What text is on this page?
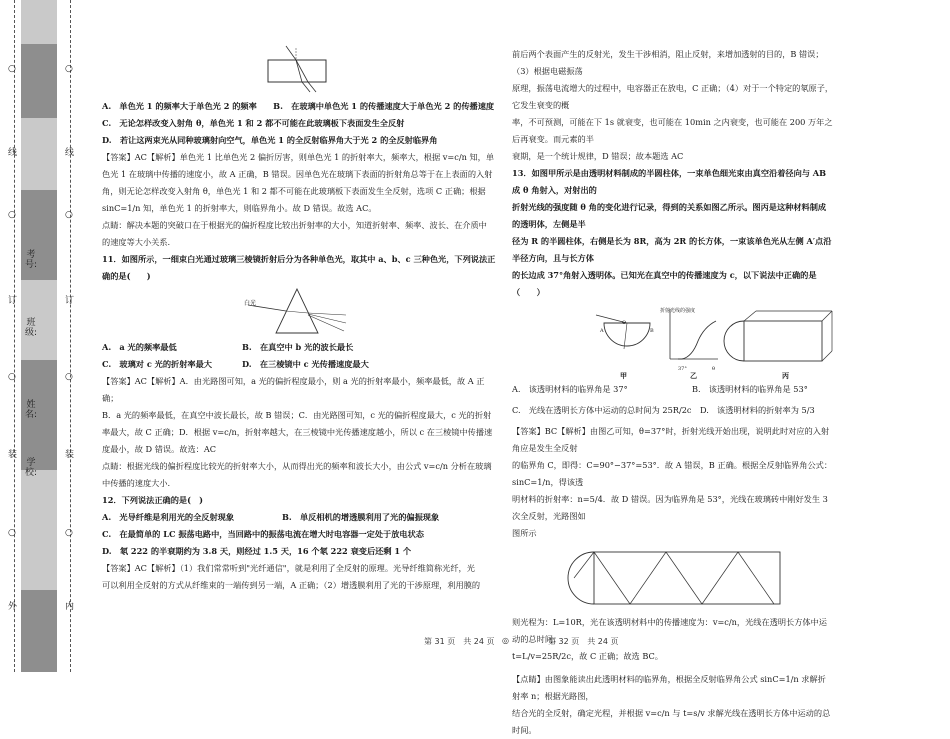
○
线
○
订
○
装
○
外
考号:
班级:
姓名:
学校:
○
线
○
订
○
装
○
内

A.　单色光 1 的频率大于单色光 2 的频率　　B.　在玻璃中单色光 1 的传播速度大于单色光 2 的传播速度

C.　无论怎样改变入射角 θ，单色光 1 和 2 都不可能在此玻璃板下表面发生全反射

D.　若让这两束光从同种玻璃射向空气，单色光 1 的全反射临界角大于光 2 的全反射临界角

【答案】AC【解析】单色光 1 比单色光 2 偏折厉害，则单色光 1 的折射率大，频率大，根据 v=c/n 知，单

色光 1 在玻璃中传播的速度小，故 A 正确，B 错误。因单色光在玻璃下表面的折射角总等于在上表面的入射

角，则无论怎样改变入射角 θ，单色光 1 和 2 都不可能在此玻璃板下表面发生全反射，选项 C 正确；根据

sinC=1/n 知，单色光 1 的折射率大，则临界角小。故 D 错误。故选 AC。

点睛：解决本题的突破口在于根据光的偏折程度比较出折射率的大小，知道折射率、频率、波长、在介质中

的速度等大小关系.

11．如图所示，一细束白光通过玻璃三棱镜折射后分为各种单色光，取其中 a、b、c 三种色光，下列说法正

确的是(　　)

白光
A.　a 光的频率最低	B.　在真空中 b 光的波长最长
C.　玻璃对 c 光的折射率最大	D.　在三棱镜中 c 光传播速度最大

【答案】AC【解析】A．由光路图可知，a 光的偏折程度最小，则 a 光的折射率最小，频率最低，故 A 正确；

B．a 光的频率最低，在真空中波长最长，故 B 错误；C．由光路图可知，c 光的偏折程度最大，c 光的折射

率最大，故 C 正确；D．根据 v=c/n，折射率越大，在三棱镜中光传播速度越小，所以 c 在三棱镜中传播速

度最小，故 D 错误。故选：AC

点睛：根据光线的偏折程度比较光的折射率大小，从而得出光的频率和波长大小，由公式 v=c/n 分析在玻璃

中传播的速度大小.

12．下列说法正确的是(　)

A.　光导纤维是利用光的全反射现象	B.　单反相机的增透膜利用了光的偏振现象

C.　在最简单的 LC 振荡电路中，当回路中的振荡电流在增大时电容器一定处于放电状态

D.　氡 222 的半衰期约为 3.8 天，则经过 1.5 天，16 个氡 222 衰变后还剩 1 个

【答案】AC【解析】（1）我们常常听到"光纤通信"，就是利用了全反射的原理。光导纤维简称光纤，光

可以利用全反射的方式从纤维束的一端传到另一端，A 正确；（2）增透膜利用了光的干涉原理，利用膜的

前后两个表面产生的反射光，发生干涉相消，阻止反射，来增加透射的目的，B 错误；（3）根据电磁振荡

原理，振荡电流增大的过程中，电容器正在放电，C 正确；（4）对于一个特定的氡原子，它发生衰变的概

率，不可预测，可能在下 1s 就衰变，也可能在 10min 之内衰变，也可能在 200 万年之后再衰变。而元素的半

衰期，是一个统计规律，D 错误；故本题选 AC

13．如图甲所示是由透明材料制成的半圆柱体，一束单色细光束由真空沿着径向与 AB 成 θ 角射入，对射出的

折射光线的强度随 θ 角的变化进行记录，得到的关系如图乙所示。图丙是这种材料制成的透明体，左侧是半

径为 R 的半圆柱体，右侧是长为 8R，高为 2R 的长方体，一束该单色光从左侧 A′点沿半径方向，且与长方体

的长边成 37°角射入透明体。已知光在真空中的传播速度为 c，以下说法中正确的是（　　）

折射光线的强度
37°	θ
O
A	B
甲	乙	丙
A.　该透明材料的临界角是 37°	B.　该透明材料的临界角是 53°
C.　光线在透明长方体中运动的总时间为 25R/2c	D.　该透明材料的折射率为 5/3

【答案】BC【解析】由图乙可知，θ=37°时，折射光线开始出现，说明此时对应的入射角应是发生全反射

的临界角 C，即得：C=90°−37°=53°．故 A 错误，B 正确。根据全反射临界角公式：sinC=1/n，得该透

明材料的折射率：n=5/4．故 D 错误。因为临界角是 53°，光线在玻璃砖中刚好发生 3 次全反射，光路图如

图所示

则光程为：L=10R，光在该透明材料中的传播速度为：v=c/n，光线在透明长方体中运动的总时间：

t=L/v=25R/2c，故 C 正确；故选 BC。

【点睛】由图象能读出此透明材料的临界角，根据全反射临界角公式 sinC=1/n 求解折射率 n；根据光路图，

结合光的全反射，确定光程，并根据 v=c/n 与 t=s/v 求解光线在透明长方体中运动的总时间。

第 31 页　共 24 页 ◎	第 32 页　共 24 页
